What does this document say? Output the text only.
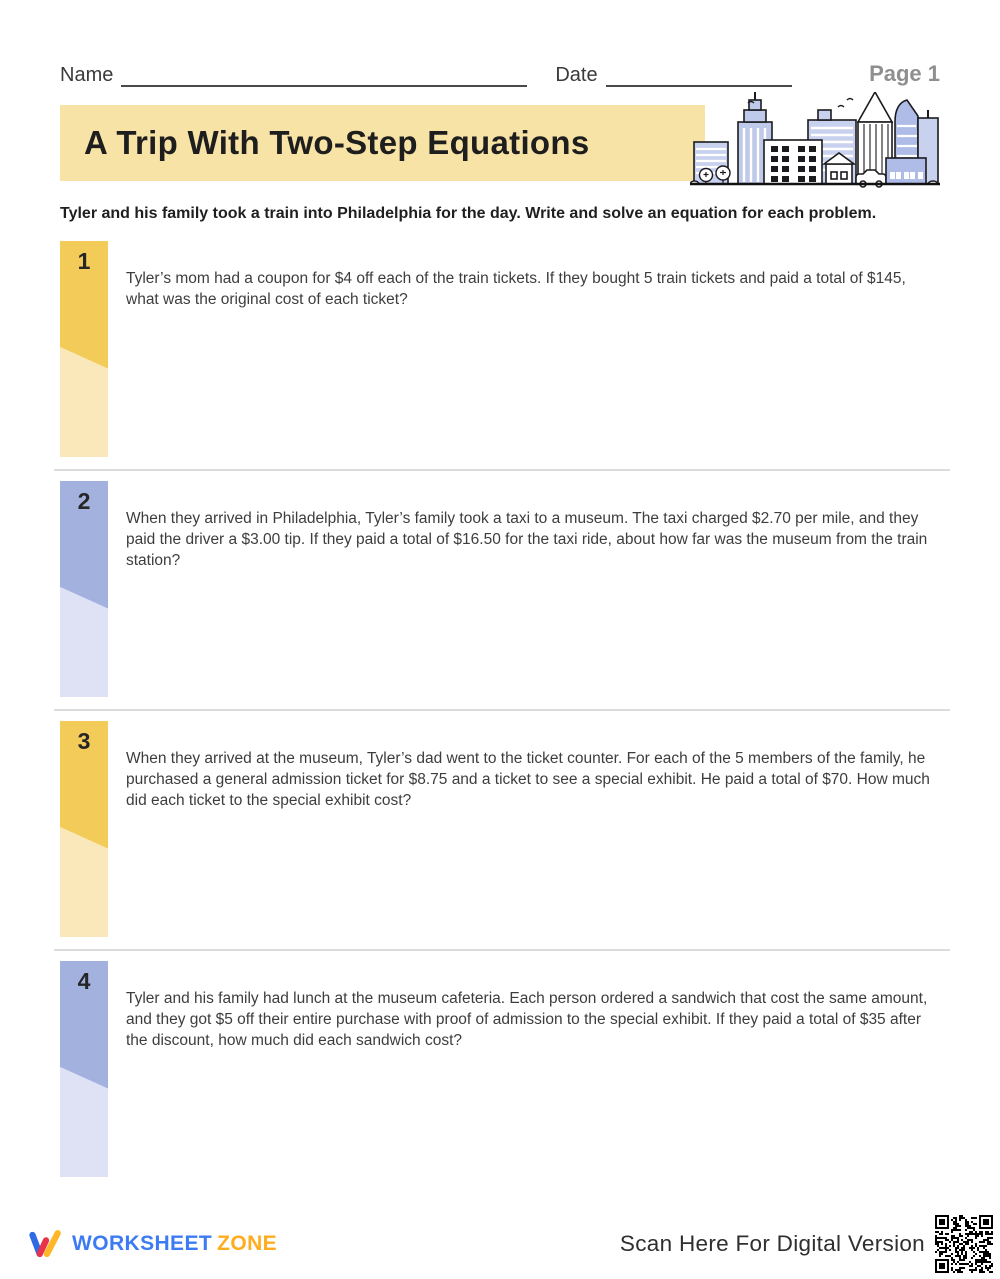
Name	Date	Page 1
A Trip With Two-Step Equations

Tyler and his family took a train into Philadelphia for the day. Write and solve an equation for each problem.

1

Tyler’s mom had a coupon for $4 off each of the train tickets. If they bought 5 train tickets and paid a total of $145, what was the original cost of each ticket?

2

When they arrived in Philadelphia, Tyler’s family took a taxi to a museum. The taxi charged $2.70 per mile, and they paid the driver a $3.00 tip. If they paid a total of $16.50 for the taxi ride, about how far was the museum from the train station?

3

When they arrived at the museum, Tyler’s dad went to the ticket counter. For each of the 5 members of the family, he purchased a general admission ticket for $8.75 and a ticket to see a special exhibit. He paid a total of $70. How much did each ticket to the special exhibit cost?

4

Tyler and his family had lunch at the museum cafeteria. Each person ordered a sandwich that cost the same amount, and they got $5 off their entire purchase with proof of admission to the special exhibit. If they paid a total of $35 after the discount, how much did each sandwich cost?

WORKSHEET ZONE	Scan Here For Digital Version
